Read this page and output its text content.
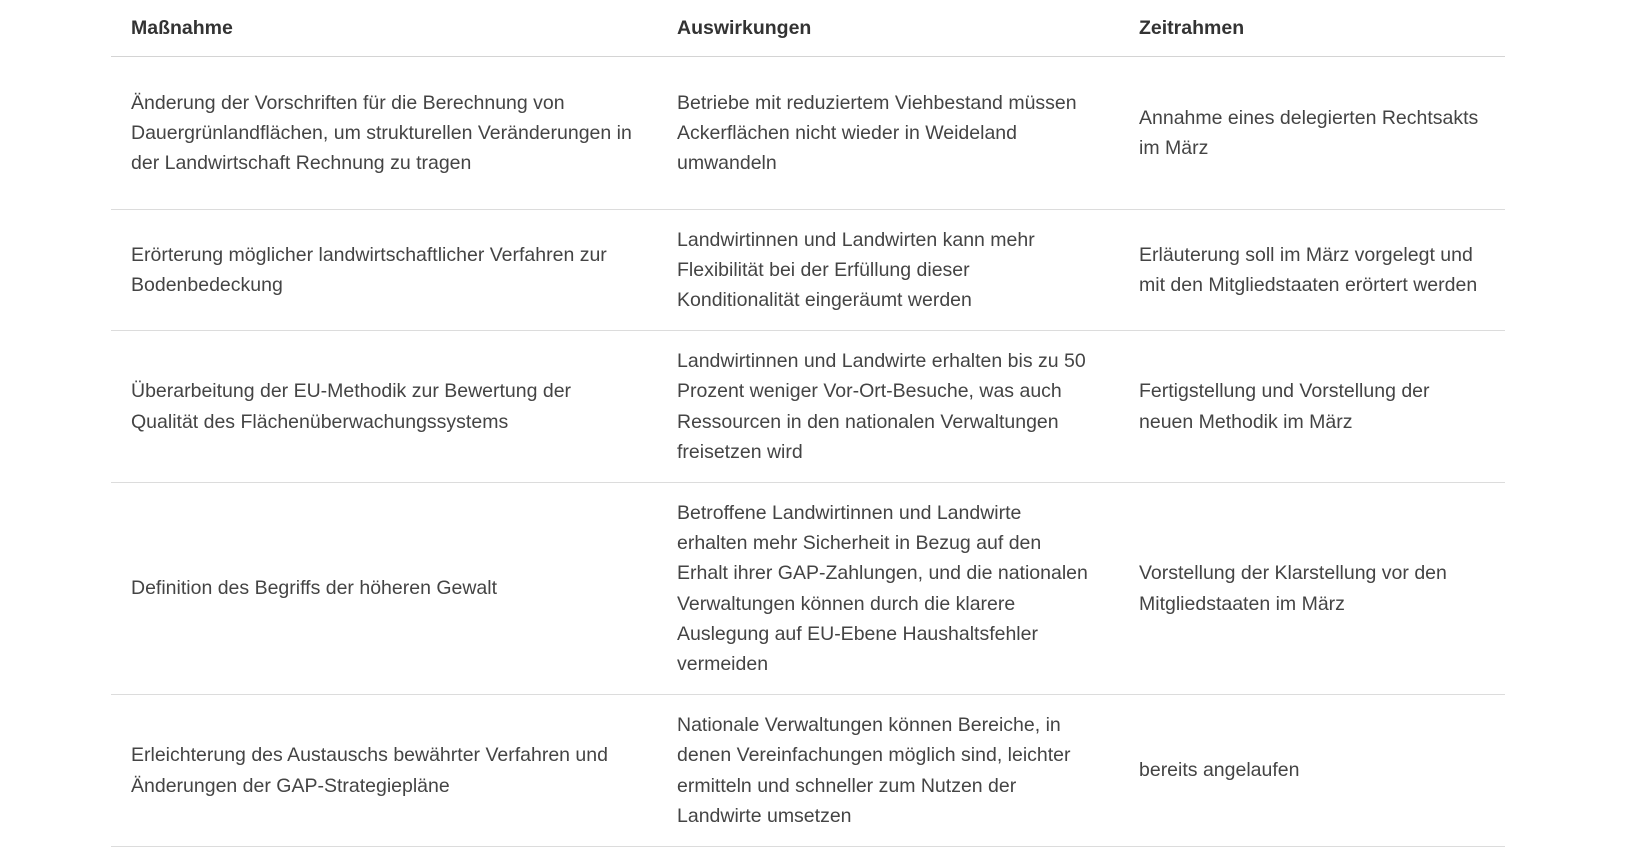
Maßnahme	Auswirkungen	Zeitrahmen
Änderung der Vorschriften für die Berechnung von Dauergrünlandflächen, um strukturellen Veränderungen in der Landwirtschaft Rechnung zu tragen	Betriebe mit reduziertem Viehbestand müssen Ackerflächen nicht wieder in Weideland umwandeln	Annahme eines delegierten Rechtsakts im März
Erörterung möglicher landwirtschaftlicher Verfahren zur Bodenbedeckung	Landwirtinnen und Landwirten kann mehr Flexibilität bei der Erfüllung dieser Konditionalität eingeräumt werden	Erläuterung soll im März vorgelegt und mit den Mitgliedstaaten erörtert werden
Überarbeitung der EU-Methodik zur Bewertung der Qualität des Flächenüberwachungssystems	Landwirtinnen und Landwirte erhalten bis zu 50 Prozent weniger Vor-Ort-Besuche, was auch Ressourcen in den nationalen Verwaltungen freisetzen wird	Fertigstellung und Vorstellung der neuen Methodik im März
Definition des Begriffs der höheren Gewalt	Betroffene Landwirtinnen und Landwirte erhalten mehr Sicherheit in Bezug auf den Erhalt ihrer GAP-Zahlungen, und die nationalen Verwaltungen können durch die klarere Auslegung auf EU-Ebene Haushaltsfehler vermeiden	Vorstellung der Klarstellung vor den Mitgliedstaaten im März
Erleichterung des Austauschs bewährter Verfahren und Änderungen der GAP-Strategiepläne	Nationale Verwaltungen können Bereiche, in denen Vereinfachungen möglich sind, leichter ermitteln und schneller zum Nutzen der Landwirte umsetzen	bereits angelaufen
